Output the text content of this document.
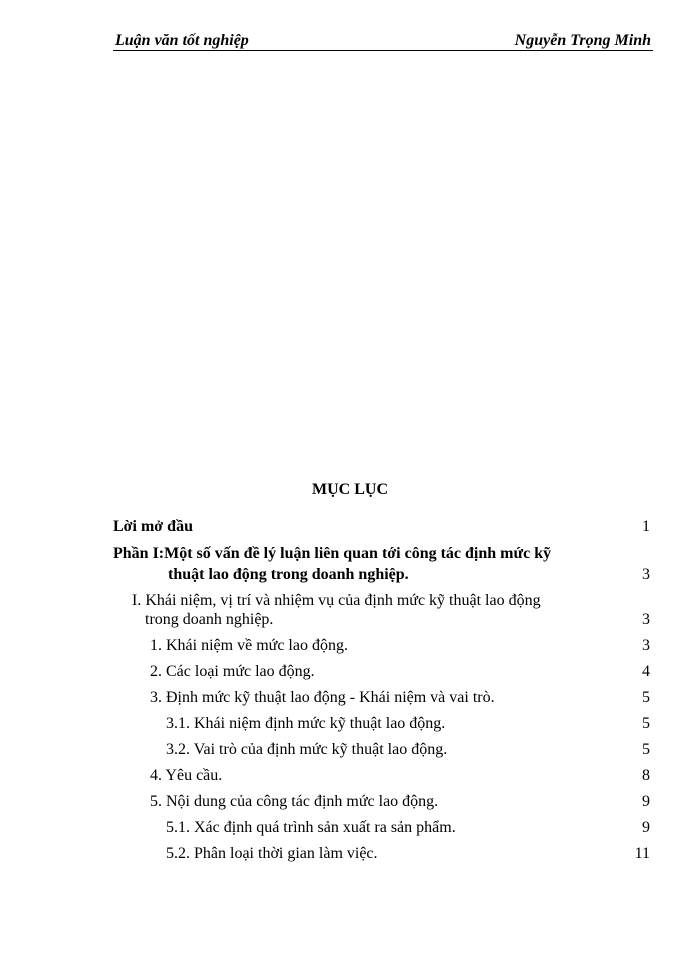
Luận văn tốt nghiệp	Nguyễn Trọng Minh
MỤC LỤC
Lời mở đầu	1
Phần I:Một số vấn đề lý luận liên quan tới công tác định mức kỹ
thuật lao động trong doanh nghiệp.	3
I. Khái niệm, vị trí và nhiệm vụ của định mức kỹ thuật lao động
trong doanh nghiệp.	3
1. Khái niệm về mức lao động.	3
2. Các loại mức lao động.	4
3. Định mức kỹ thuật lao động - Khái niệm và vai trò.	5
3.1. Khái niệm định mức kỹ thuật lao động.	5
3.2. Vai trò của định mức kỹ thuật lao động.	5
4. Yêu cầu.	8
5. Nội dung của công tác định mức lao động.	9
5.1. Xác định quá trình sản xuất ra sản phẩm.	9
5.2. Phân loại thời gian làm việc.	11
